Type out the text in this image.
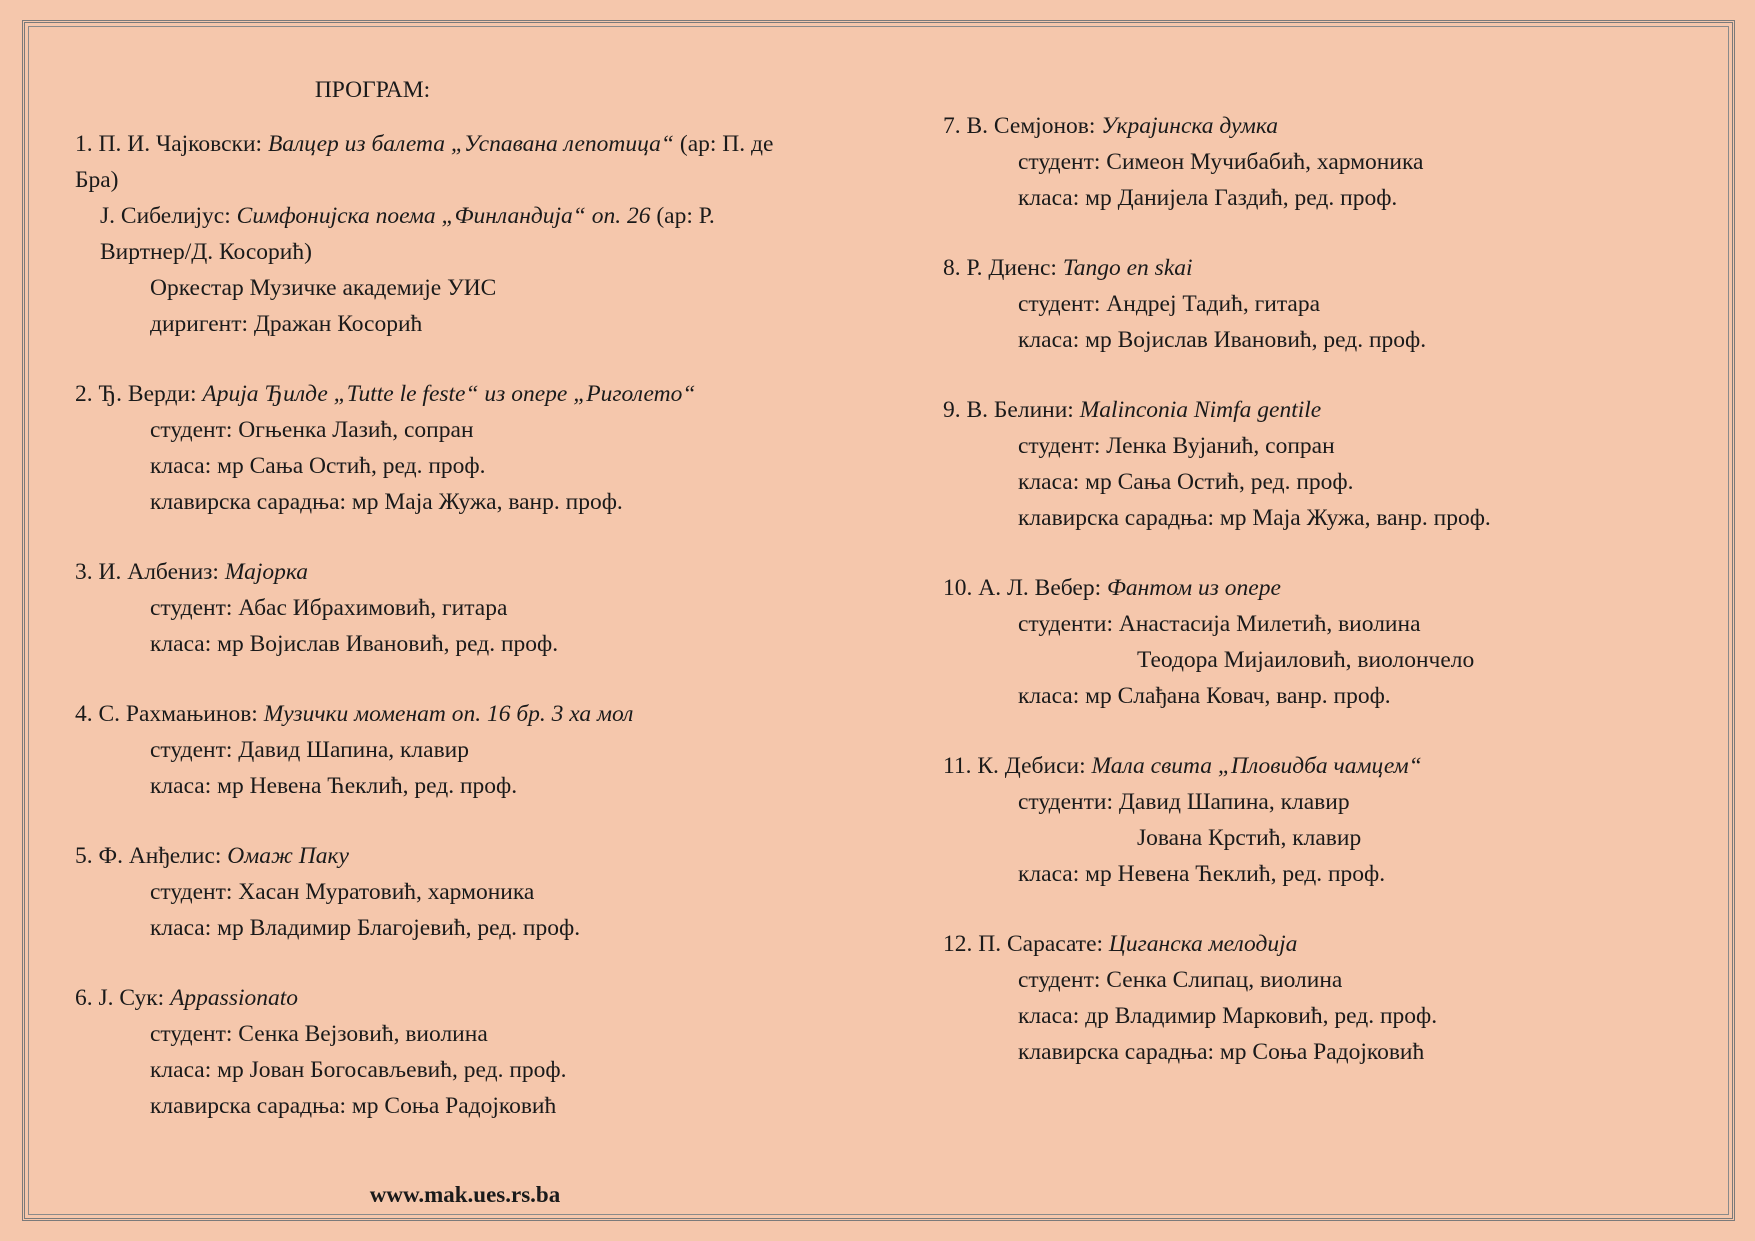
ПРОГРАМ:
1. П. И. Чајковски: Валцер из балета „Успавана лепотица“ (ар: П. де Бра)
Ј. Сибелијус: Симфонијска поема „Финландија“ оп. 26 (ар: Р. Виртнер/Д. Косорић)
Оркестар Музичке академије УИС
диригент: Дражан Косорић
2. Ђ. Верди: Арија Ђилде „Tutte le feste“ из опере „Риголето“
студент: Огњенка Лазић, сопран
класа: мр Сања Остић, ред. проф.
клавирска сарадња: мр Маја Жужа, ванр. проф.
3. И. Албениз: Мајорка
студент: Абас Ибрахимовић, гитара
класа: мр Војислав Ивановић, ред. проф.
4. С. Рахмањинов: Музички моменат оп. 16 бр. 3 ха мол
студент: Давид Шапина, клавир
класа: мр Невена Ћеклић, ред. проф.
5. Ф. Анђелис: Омаж Паку
студент: Хасан Муратовић, хармоника
класа: мр Владимир Благојевић, ред. проф.
6. Ј. Сук: Appassionato
студент: Сенка Вејзовић, виолина
класа: мр Јован Богосављевић, ред. проф.
клавирска сарадња: мр Соња Радојковић
7. В. Семјонов: Украјинска думка
студент: Симеон Мучибабић, хармоника
класа: мр Данијела Газдић, ред. проф.
8. Р. Диенс: Tango en skai
студент: Андреј Тадић, гитара
класа: мр Војислав Ивановић, ред. проф.
9. В. Белини: Malinconia Nimfa gentile
студент: Ленка Вујанић, сопран
класа: мр Сања Остић, ред. проф.
клавирска сарадња: мр Маја Жужа, ванр. проф.
10. А. Л. Вебер: Фантом из опере
студенти: Анастасија Милетић, виолина
Теодора Мијаиловић, виолончело
класа: мр Слађана Ковач, ванр. проф.
11. К. Дебиси: Мала свита „Пловидба чамцем“
студенти: Давид Шапина, клавир
Јована Крстић, клавир
класа: мр Невена Ћеклић, ред. проф.
12. П. Сарасате: Циганска мелодија
студент: Сенка Слипац, виолина
класа: др Владимир Марковић, ред. проф.
клавирска сарадња: мр Соња Радојковић
www.mak.ues.rs.ba
